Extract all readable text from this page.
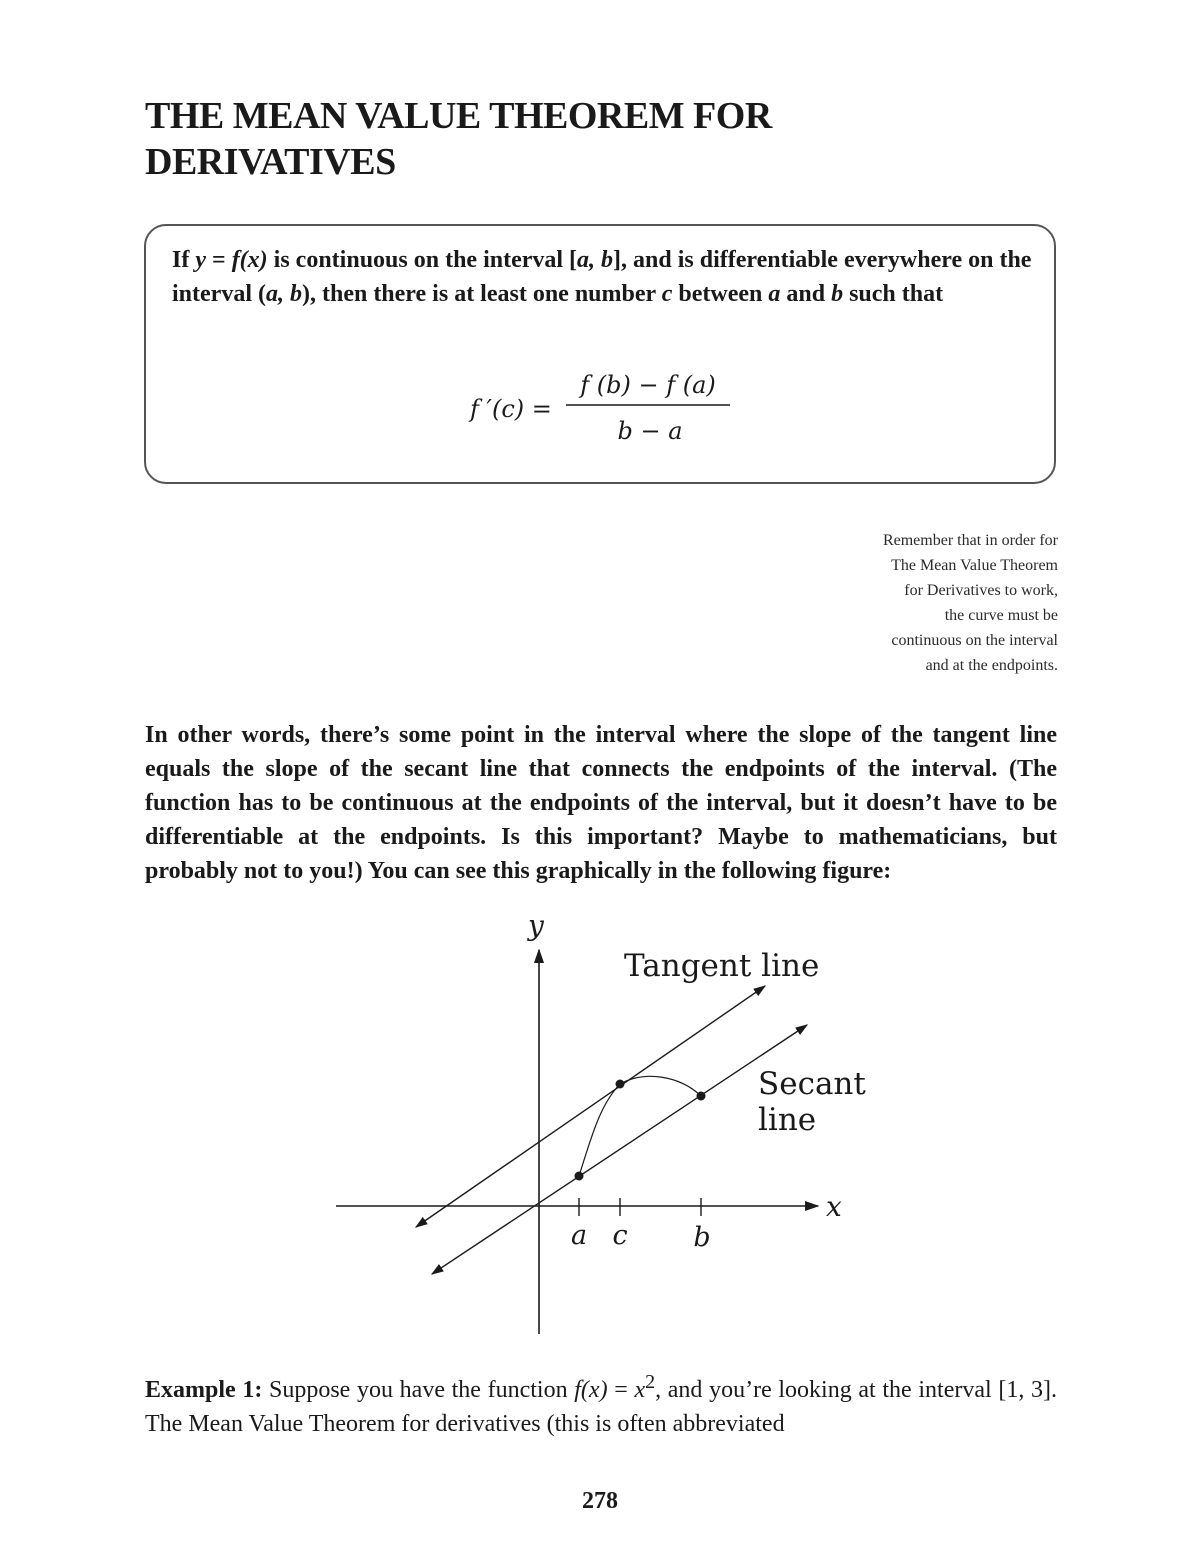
THE MEAN VALUE THEOREM FOR
DERIVATIVES
If y = f(x) is continuous on the interval [a, b], and is differentiable everywhere on the interval (a, b), then there is at least one number c between a and b such that
f ′(c) =
f (b) − f (a)
b − a
Remember that in order for
The Mean Value Theorem
for Derivatives to work,
the curve must be
continuous on the interval
and at the endpoints.
In other words, there’s some point in the interval where the slope of the tangent line equals the slope of the secant line that connects the endpoints of the interval. (The function has to be continuous at the endpoints of the interval, but it doesn’t have to be differentiable at the endpoints. Is this important? Maybe to mathematicians, but probably not to you!) You can see this graphically in the following figure:
y
x
a c b
Tangent line
Secant
line
Example 1: Suppose you have the function $f(x) = x^2$, and you’re looking at the interval [1, 3]. The Mean Value Theorem for derivatives (this is often abbreviated
278
